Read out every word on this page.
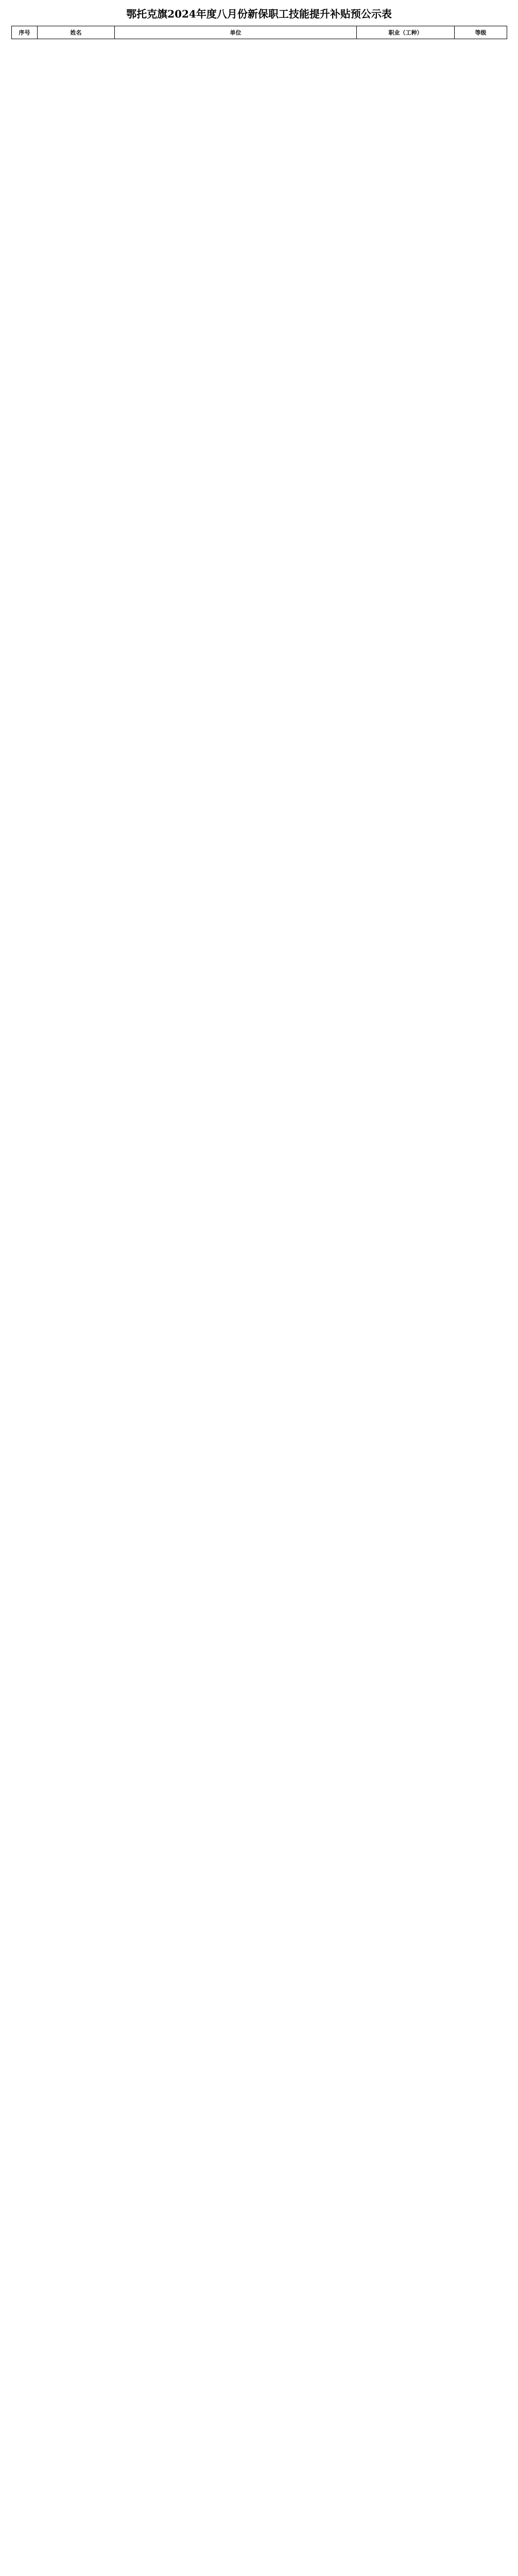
鄂托克旗2024年度八月份新保职工技能提升补贴预公示表
序号	姓名	单位	职业（工种）	等级
